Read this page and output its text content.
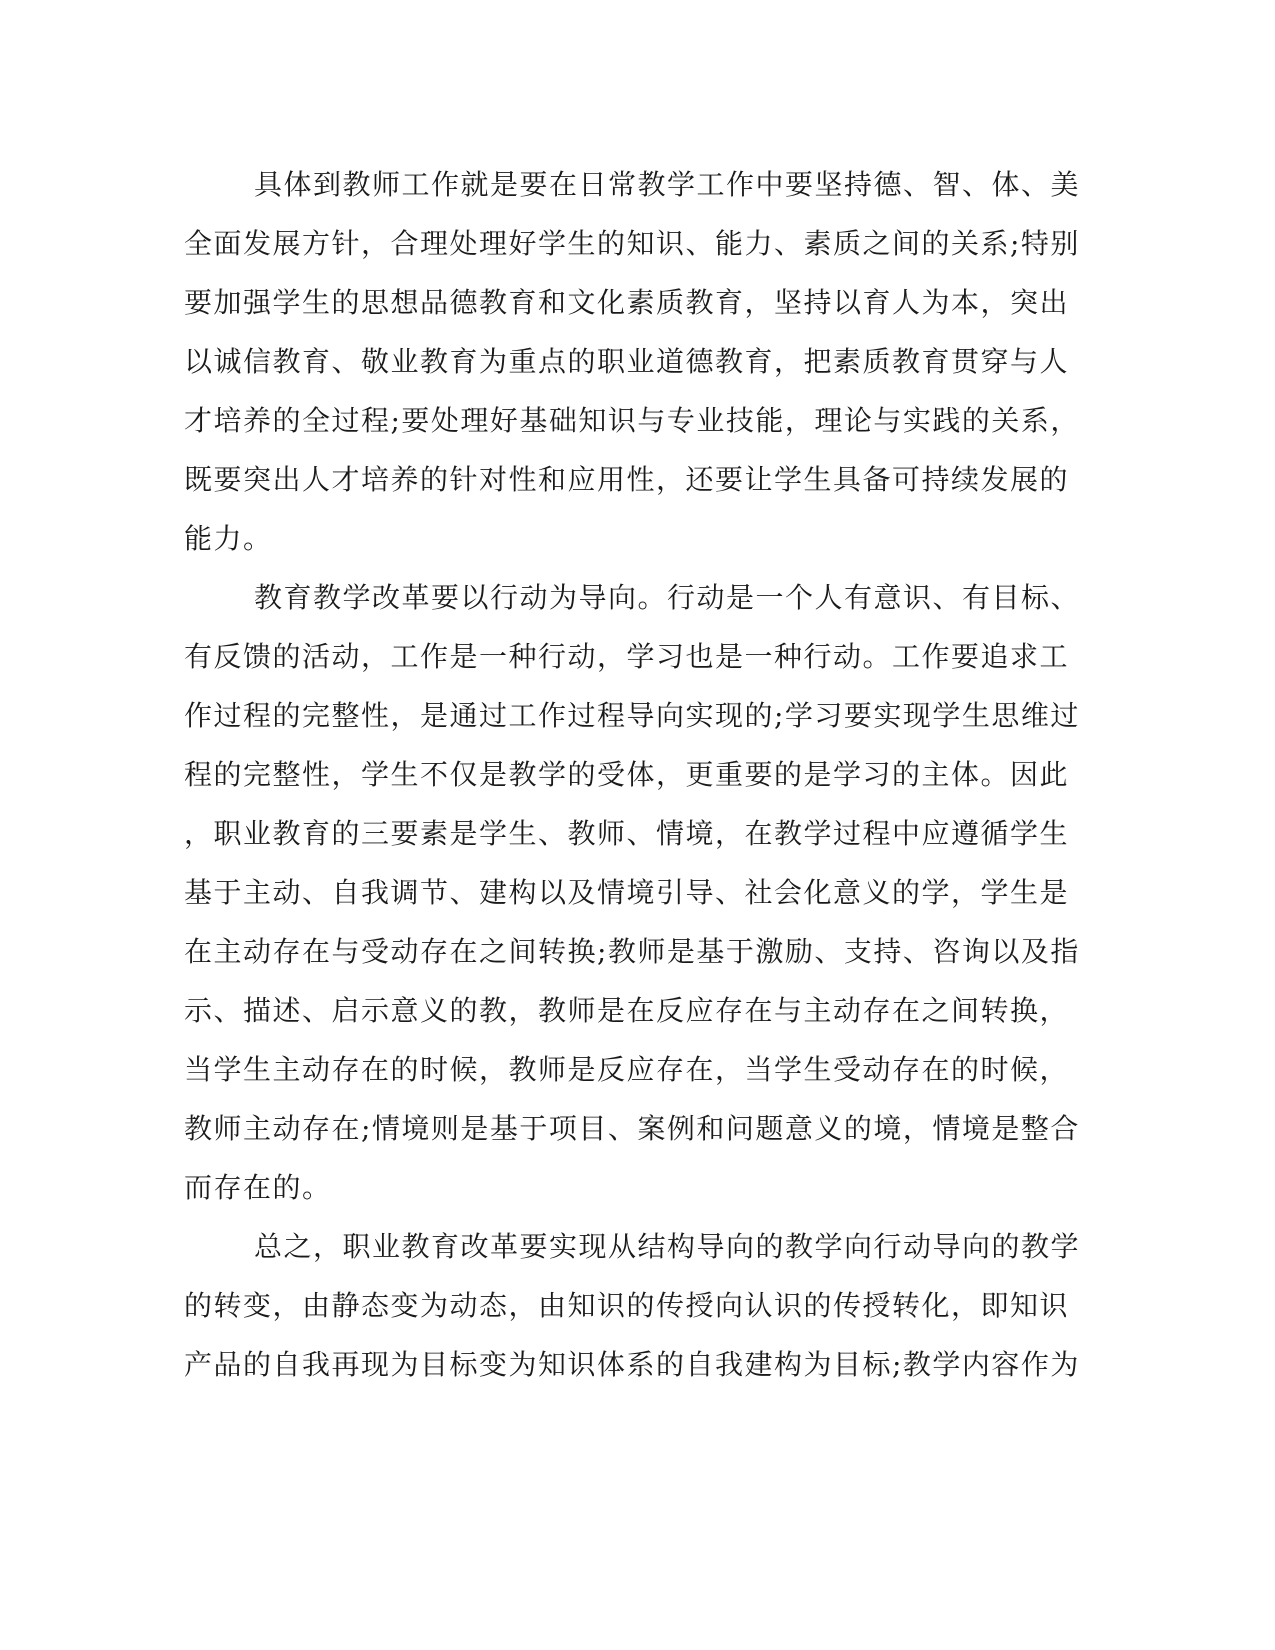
具体到教师工作就是要在日常教学工作中要坚持德、智、体、美
全面发展方针，合理处理好学生的知识、能力、素质之间的关系;特别
要加强学生的思想品德教育和文化素质教育，坚持以育人为本，突出
以诚信教育、敬业教育为重点的职业道德教育，把素质教育贯穿与人
才培养的全过程;要处理好基础知识与专业技能，理论与实践的关系，
既要突出人才培养的针对性和应用性，还要让学生具备可持续发展的
能力。
教育教学改革要以行动为导向。行动是一个人有意识、有目标、
有反馈的活动，工作是一种行动，学习也是一种行动。工作要追求工
作过程的完整性，是通过工作过程导向实现的;学习要实现学生思维过
程的完整性，学生不仅是教学的受体，更重要的是学习的主体。因此
，职业教育的三要素是学生、教师、情境，在教学过程中应遵循学生
基于主动、自我调节、建构以及情境引导、社会化意义的学，学生是
在主动存在与受动存在之间转换;教师是基于激励、支持、咨询以及指
示、描述、启示意义的教，教师是在反应存在与主动存在之间转换，
当学生主动存在的时候，教师是反应存在，当学生受动存在的时候，
教师主动存在;情境则是基于项目、案例和问题意义的境，情境是整合
而存在的。
总之，职业教育改革要实现从结构导向的教学向行动导向的教学
的转变，由静态变为动态，由知识的传授向认识的传授转化，即知识
产品的自我再现为目标变为知识体系的自我建构为目标;教学内容作为
